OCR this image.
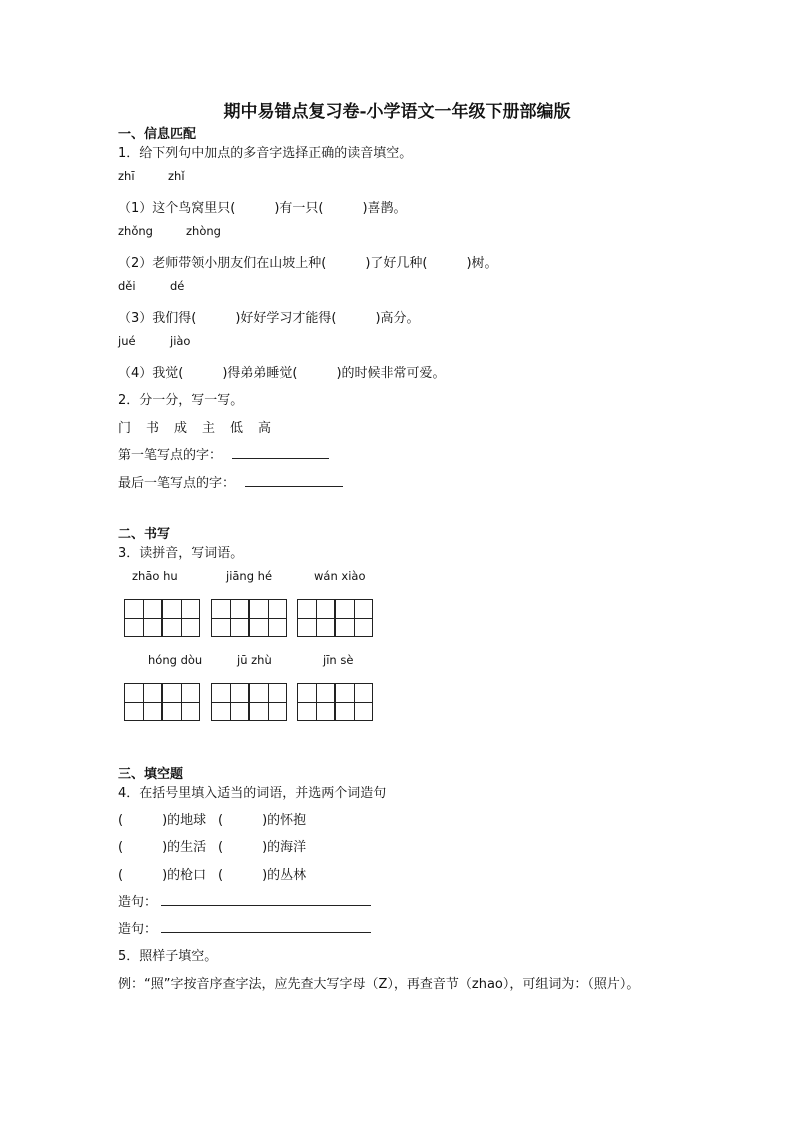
期中易错点复习卷-小学语文一年级下册部编版
一、信息匹配
1．给下列句中加点的多音字选择正确的读音填空。
zhī	zhǐ
（1）这个鸟窝里只(　　　)有一只(　　　)喜鹊。
zhǒng	zhòng
（2）老师带领小朋友们在山坡上种(　　　)了好几种(　　　)树。
děi	dé
（3）我们得(　　　)好好学习才能得(　　　)高分。
jué	jiào
（4）我觉(　　　)得弟弟睡觉(　　　)的时候非常可爱。
2．分一分，写一写。
门　书　成　主　低　高
第一笔写点的字：
最后一笔写点的字：
二、书写
3．读拼音，写词语。
zhāo hu	jiāng hé	wán xiào
hóng dòu	jū zhù	jīn sè
三、填空题
4．在括号里填入适当的词语，并选两个词造句
(　　　)的地球 (　　　)的怀抱
(　　　)的生活 (　　　)的海洋
(　　　)的枪口 (　　　)的丛林
造句：
造句：
5．照样子填空。
例：“照”字按音序查字法，应先查大写字母（Z），再查音节（zhao），可组词为：（照片）。
